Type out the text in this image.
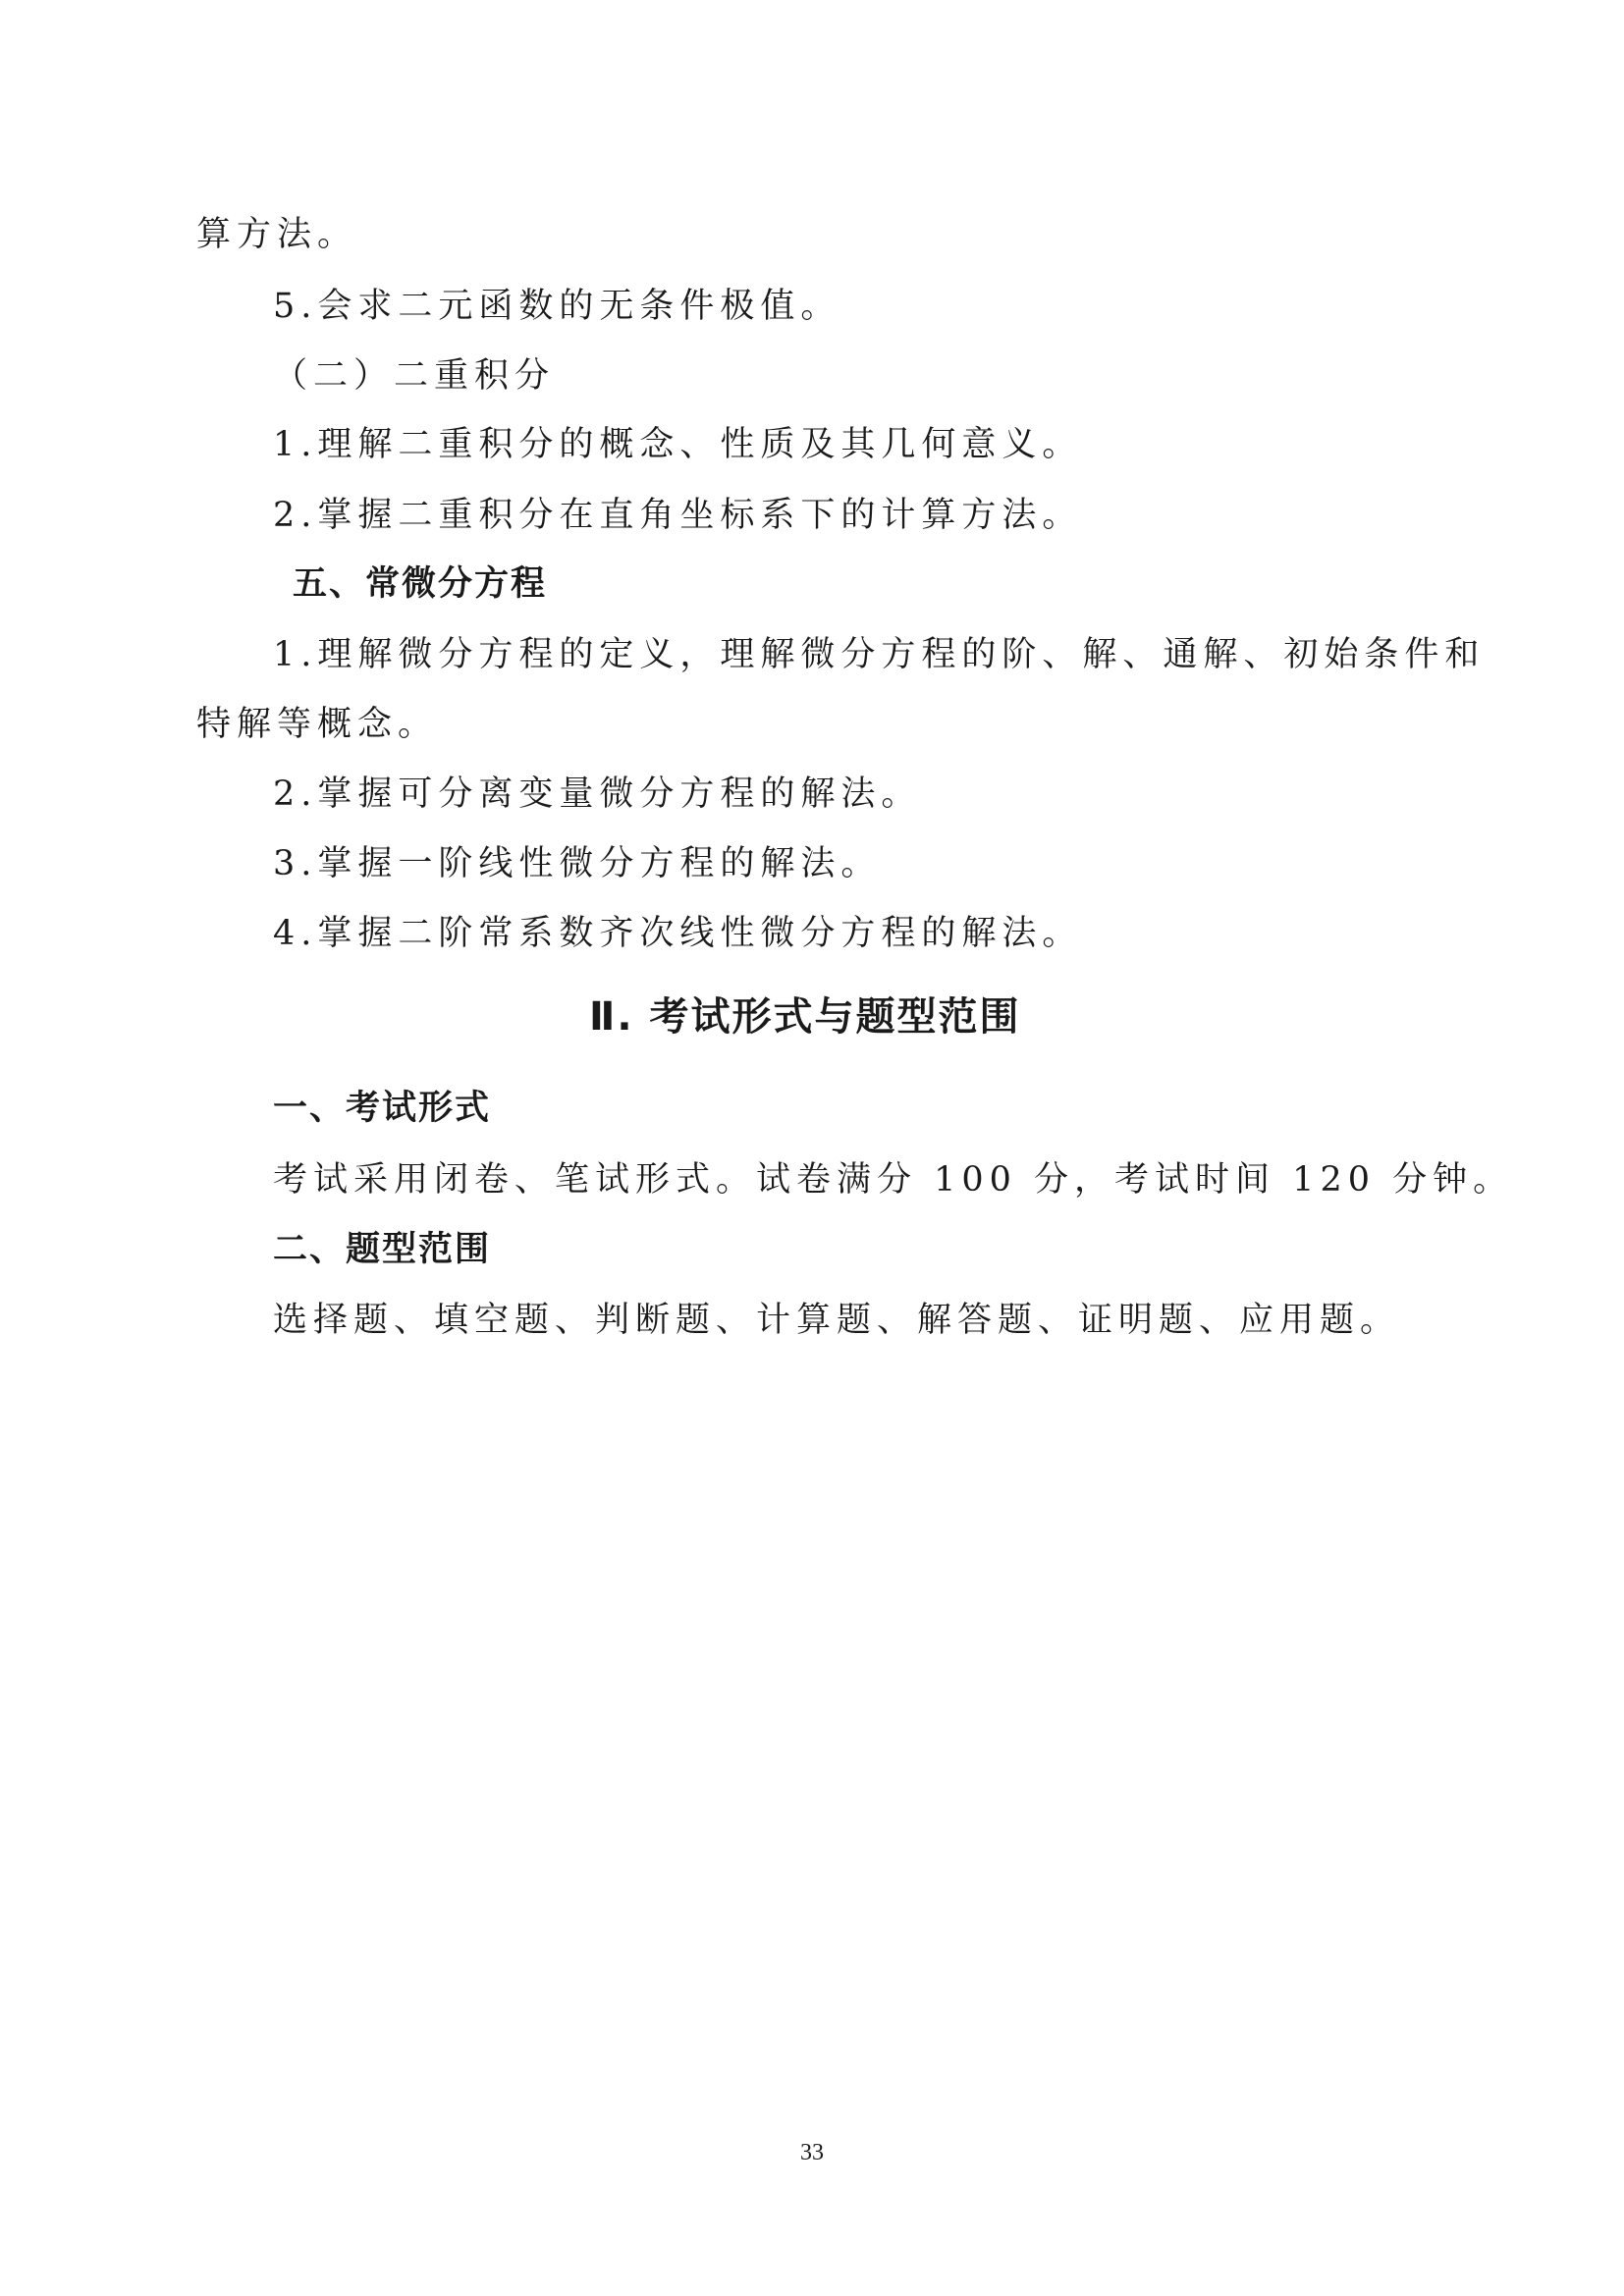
算方法。
5.会求二元函数的无条件极值。
（二）二重积分
1.理解二重积分的概念、性质及其几何意义。
2.掌握二重积分在直角坐标系下的计算方法。
五、常微分方程
1.理解微分方程的定义，理解微分方程的阶、解、通解、初始条件和
特解等概念。
2.掌握可分离变量微分方程的解法。
3.掌握一阶线性微分方程的解法。
4.掌握二阶常系数齐次线性微分方程的解法。
Ⅱ. 考试形式与题型范围
一、考试形式
考试采用闭卷、笔试形式。试卷满分 100 分，考试时间 120 分钟。
二、题型范围
选择题、填空题、判断题、计算题、解答题、证明题、应用题。
33
